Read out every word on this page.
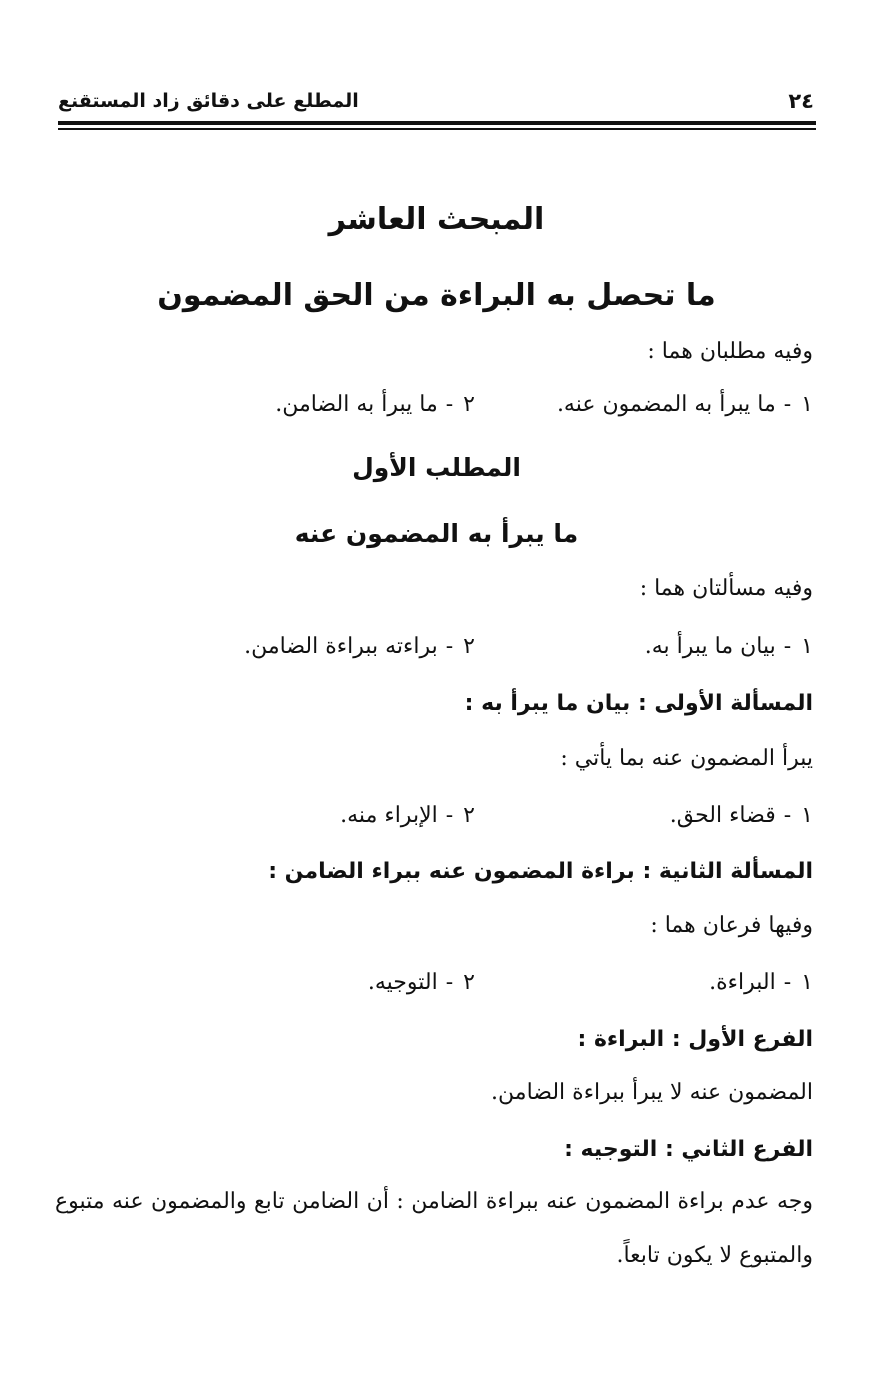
٢٤
المطلع على دقائق زاد المستقنع
المبحث العاشر
ما تحصل به البراءة من الحق المضمون
وفيه مطلبان هما :
١-ما يبرأ به المضمون عنه.
٢-ما يبرأ به الضامن.
المطلب الأول
ما يبرأ به المضمون عنه
وفيه مسألتان هما :
١-بيان ما يبرأ به.
٢-براءته ببراءة الضامن.
المسألة الأولى : بيان ما يبرأ به :
يبرأ المضمون عنه بما يأتي :
١-قضاء الحق.
٢-الإبراء منه.
المسألة الثانية : براءة المضمون عنه ببراء الضامن :
وفيها فرعان هما :
١-البراءة.
٢-التوجيه.
الفرع الأول : البراءة :
المضمون عنه لا يبرأ ببراءة الضامن.
الفرع الثاني : التوجيه :
وجه عدم براءة المضمون عنه ببراءة الضامن : أن الضامن تابع والمضمون عنه متبوع والمتبوع لا يكون تابعاً.
